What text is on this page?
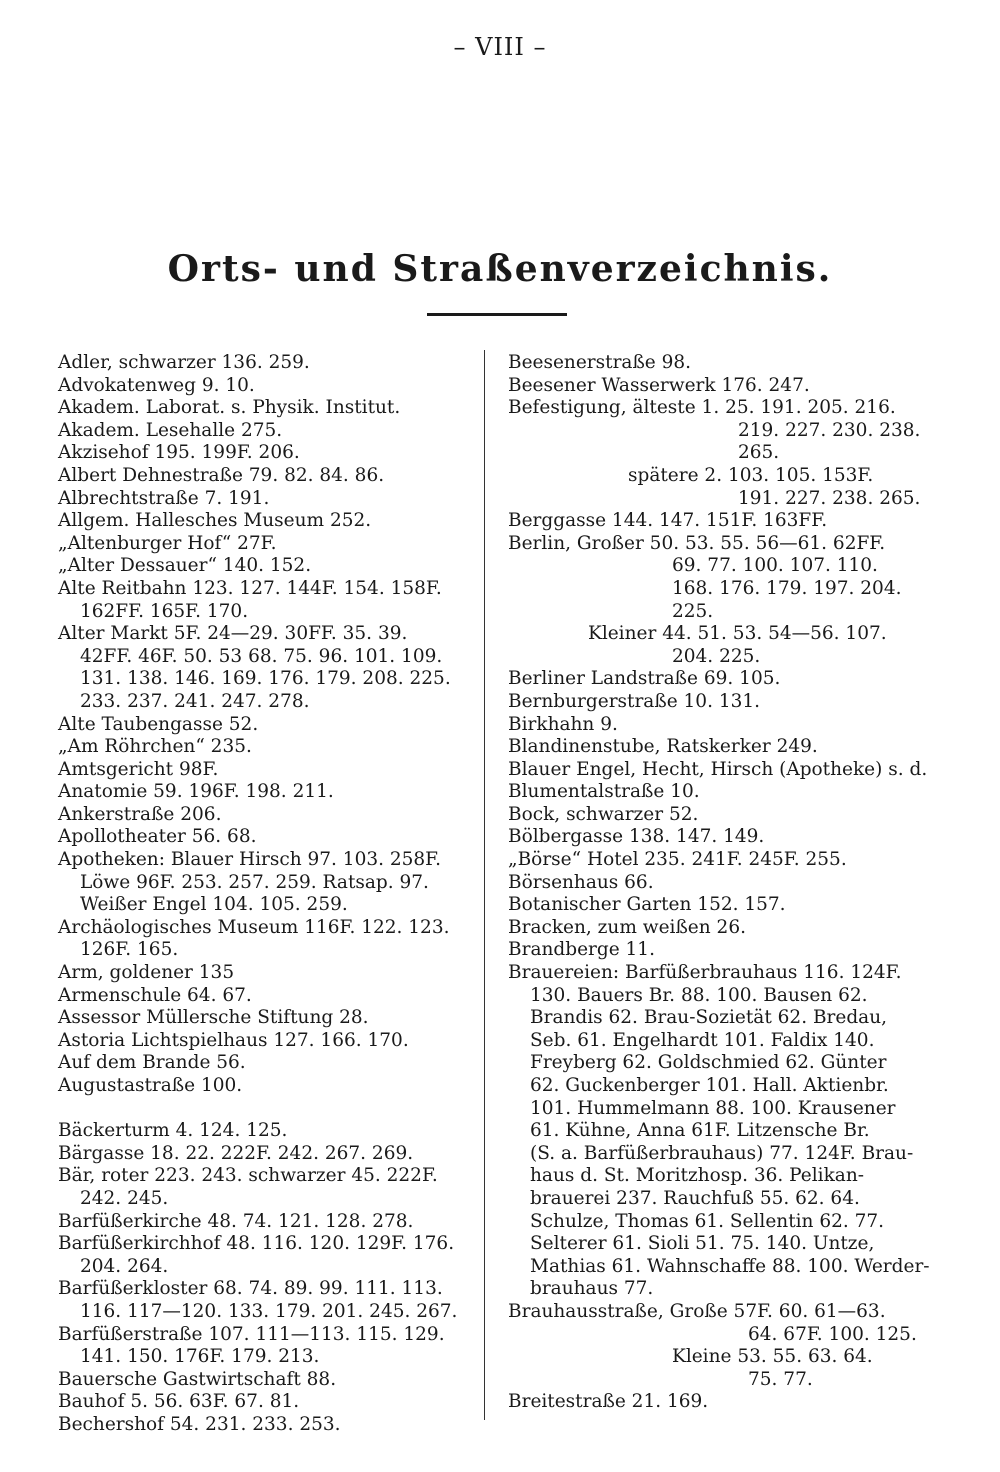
– VIII –
Orts- und Straßenverzeichnis.
Adler, schwarzer 136. 259.
Advokatenweg 9. 10.
Akadem. Laborat. s. Physik. Institut.
Akadem. Lesehalle 275.
Akzisehof 195. 199F. 206.
Albert Dehnestraße 79. 82. 84. 86.
Albrechtstraße 7. 191.
Allgem. Hallesches Museum 252.
„Altenburger Hof“ 27F.
„Alter Dessauer“ 140. 152.
Alte Reitbahn 123. 127. 144F. 154. 158F.
162FF. 165F. 170.
Alter Markt 5F. 24—29. 30FF. 35. 39.
42FF. 46F. 50. 53 68. 75. 96. 101. 109.
131. 138. 146. 169. 176. 179. 208. 225.
233. 237. 241. 247. 278.
Alte Taubengasse 52.
„Am Röhrchen“ 235.
Amtsgericht 98F.
Anatomie 59. 196F. 198. 211.
Ankerstraße 206.
Apollotheater 56. 68.
Apotheken: Blauer Hirsch 97. 103. 258F.
Löwe 96F. 253. 257. 259. Ratsap. 97.
Weißer Engel 104. 105. 259.
Archäologisches Museum 116F. 122. 123.
126F. 165.
Arm, goldener 135
Armenschule 64. 67.
Assessor Müllersche Stiftung 28.
Astoria Lichtspielhaus 127. 166. 170.
Auf dem Brande 56.
Augustastraße 100.
Bäckerturm 4. 124. 125.
Bärgasse 18. 22. 222F. 242. 267. 269.
Bär, roter 223. 243. schwarzer 45. 222F.
242. 245.
Barfüßerkirche 48. 74. 121. 128. 278.
Barfüßerkirchhof 48. 116. 120. 129F. 176.
204. 264.
Barfüßerkloster 68. 74. 89. 99. 111. 113.
116. 117—120. 133. 179. 201. 245. 267.
Barfüßerstraße 107. 111—113. 115. 129.
141. 150. 176F. 179. 213.
Bauersche Gastwirtschaft 88.
Bauhof 5. 56. 63F. 67. 81.
Bechershof 54. 231. 233. 253.
Beesenerstraße 98.
Beesener Wasserwerk 176. 247.
Befestigung, älteste 1. 25. 191. 205. 216.
219. 227. 230. 238.
265.
spätere 2. 103. 105. 153F.
191. 227. 238. 265.
Berggasse 144. 147. 151F. 163FF.
Berlin, Großer 50. 53. 55. 56—61. 62FF.
69. 77. 100. 107. 110.
168. 176. 179. 197. 204.
225.
Kleiner 44. 51. 53. 54—56. 107.
204. 225.
Berliner Landstraße 69. 105.
Bernburgerstraße 10. 131.
Birkhahn 9.
Blandinenstube, Ratskerker 249.
Blauer Engel, Hecht, Hirsch (Apotheke) s. d.
Blumentalstraße 10.
Bock, schwarzer 52.
Bölbergasse 138. 147. 149.
„Börse“ Hotel 235. 241F. 245F. 255.
Börsenhaus 66.
Botanischer Garten 152. 157.
Bracken, zum weißen 26.
Brandberge 11.
Brauereien: Barfüßerbrauhaus 116. 124F.
130. Bauers Br. 88. 100. Bausen 62.
Brandis 62. Brau-Sozietät 62. Bredau,
Seb. 61. Engelhardt 101. Faldix 140.
Freyberg 62. Goldschmied 62. Günter
62. Guckenberger 101. Hall. Aktienbr.
101. Hummelmann 88. 100. Krausener
61. Kühne, Anna 61F. Litzensche Br.
(S. a. Barfüßerbrauhaus) 77. 124F. Brau-
haus d. St. Moritzhosp. 36. Pelikan-
brauerei 237. Rauchfuß 55. 62. 64.
Schulze, Thomas 61. Sellentin 62. 77.
Selterer 61. Sioli 51. 75. 140. Untze,
Mathias 61. Wahnschaffe 88. 100. Werder-
brauhaus 77.
Brauhausstraße, Große 57F. 60. 61—63.
64. 67F. 100. 125.
Kleine 53. 55. 63. 64.
75. 77.
Breitestraße 21. 169.
